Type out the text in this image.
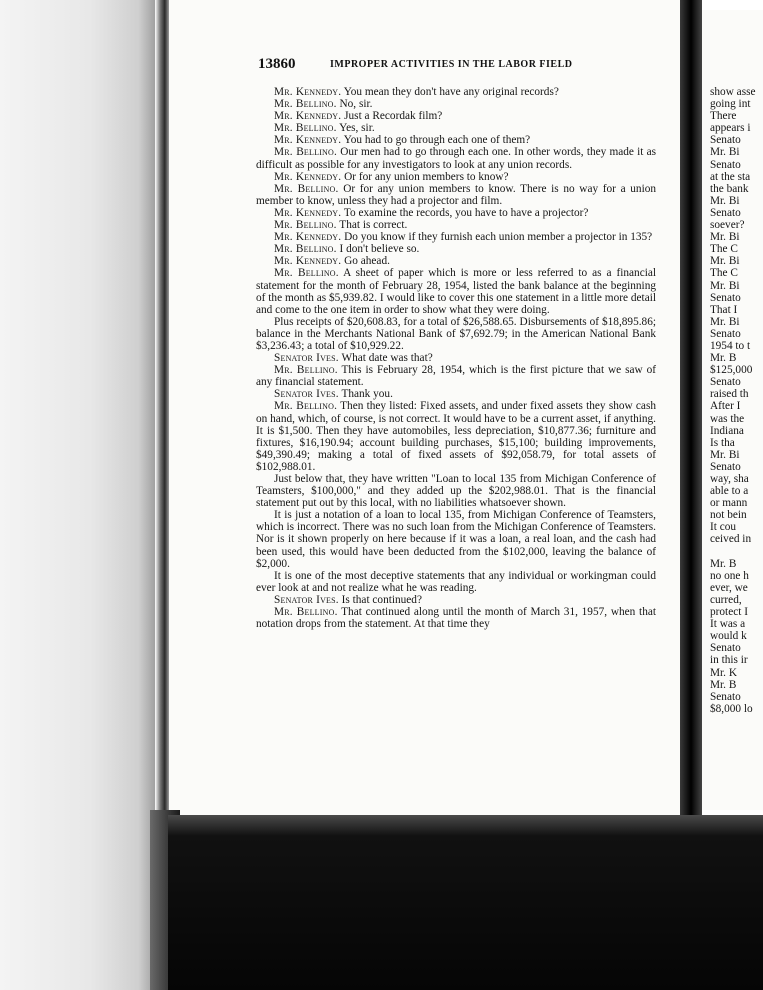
13860	IMPROPER ACTIVITIES IN THE LABOR FIELD

Mr. Kennedy. You mean they don't have any original records?

Mr. Bellino. No, sir.

Mr. Kennedy. Just a Recordak film?

Mr. Bellino. Yes, sir.

Mr. Kennedy. You had to go through each one of them?

Mr. Bellino. Our men had to go through each one. In other words, they made it as difficult as possible for any investigators to look at any union records.

Mr. Kennedy. Or for any union members to know?

Mr. Bellino. Or for any union members to know. There is no way for a union member to know, unless they had a projector and film.

Mr. Kennedy. To examine the records, you have to have a projector?

Mr. Bellino. That is correct.

Mr. Kennedy. Do you know if they furnish each union member a projector in 135?

Mr. Bellino. I don't believe so.

Mr. Kennedy. Go ahead.

Mr. Bellino. A sheet of paper which is more or less referred to as a financial statement for the month of February 28, 1954, listed the bank balance at the beginning of the month as $5,939.82. I would like to cover this one statement in a little more detail and come to the one item in order to show what they were doing.

Plus receipts of $20,608.83, for a total of $26,588.65. Disbursements of $18,895.86; balance in the Merchants National Bank of $7,692.79; in the American National Bank $3,236.43; a total of $10,929.22.

Senator Ives. What date was that?

Mr. Bellino. This is February 28, 1954, which is the first picture that we saw of any financial statement.

Senator Ives. Thank you.

Mr. Bellino. Then they listed: Fixed assets, and under fixed assets they show cash on hand, which, of course, is not correct. It would have to be a current asset, if anything. It is $1,500. Then they have automobiles, less depreciation, $10,877.36; furniture and fixtures, $16,190.94; account building purchases, $15,100; building improvements, $49,390.49; making a total of fixed assets of $92,058.79, for total assets of $102,988.01.

Just below that, they have written "Loan to local 135 from Michigan Conference of Teamsters, $100,000," and they added up the $202,988.01. That is the financial statement put out by this local, with no liabilities whatsoever shown.

It is just a notation of a loan to local 135, from Michigan Conference of Teamsters, which is incorrect. There was no such loan from the Michigan Conference of Teamsters. Nor is it shown properly on here because if it was a loan, a real loan, and the cash had been used, this would have been deducted from the $102,000, leaving the balance of $2,000.

It is one of the most deceptive statements that any individual or workingman could ever look at and not realize what he was reading.

Senator Ives. Is that continued?

Mr. Bellino. That continued along until the month of March 31, 1957, when that notation drops from the statement. At that time they

show asse
going int
There
appears i
Senato
Mr. Bi
Senato
at the sta
the bank
Mr. Bi
Senato
soever?
Mr. Bi
The C
Mr. Bi
The C
Mr. Bi
Senato
That I
Mr. Bi
Senato
1954 to t
Mr. B
$125,000
Senato
raised th
After I
was the
Indiana
Is tha
Mr. Bi
Senato
way, sha
able to a
or mann
not bein
It cou
ceived in
Mr. B
no one h
ever, we
curred,
protect I
It was a
would k
Senato
in this ir
Mr. K
Mr. B
Senato
$8,000 lo
